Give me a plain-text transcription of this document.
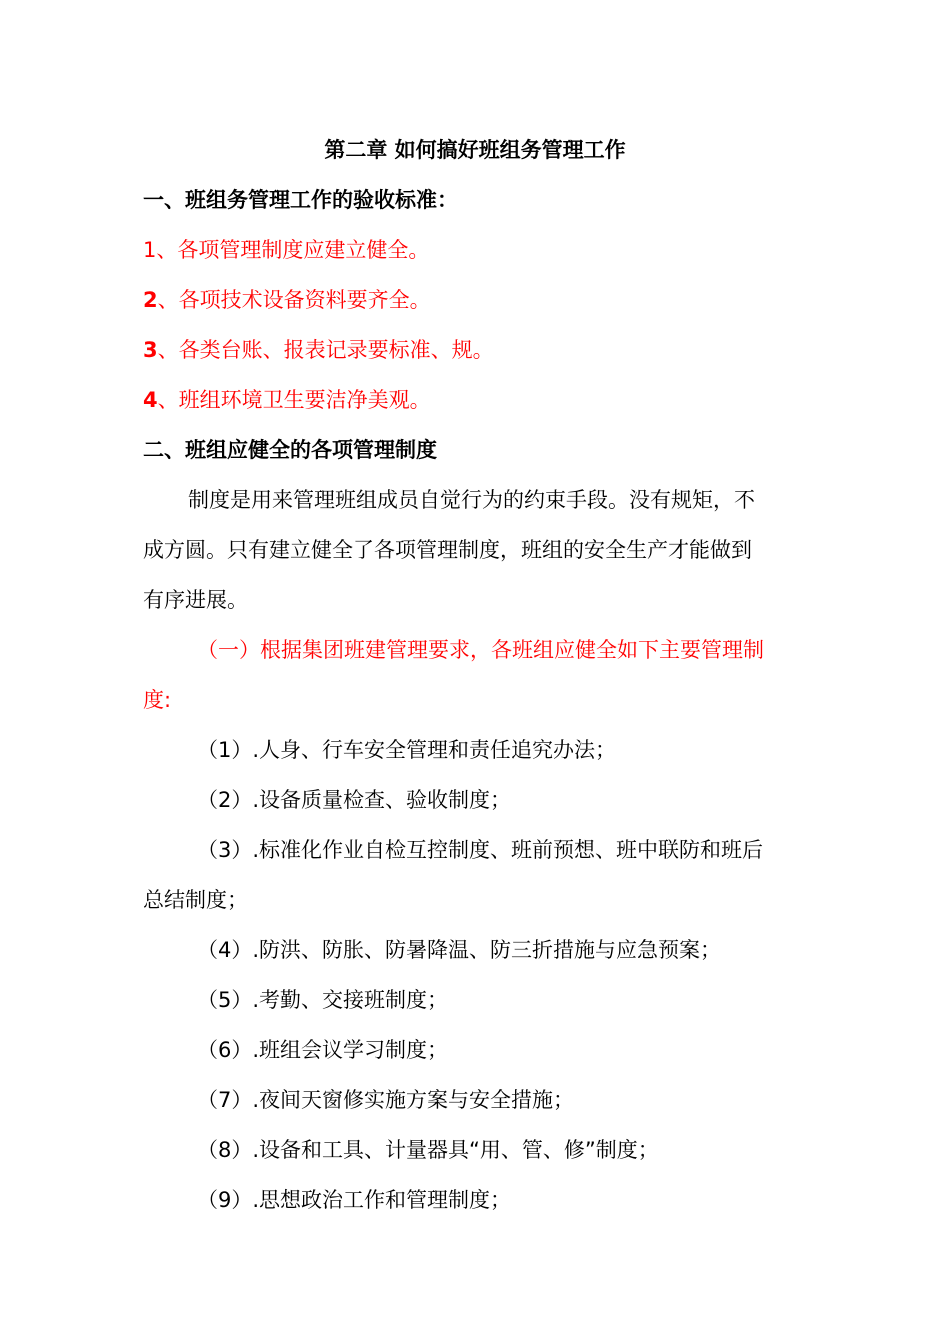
第二章 如何搞好班组务管理工作
一、班组务管理工作的验收标准：
1、各项管理制度应建立健全。
2、各项技术设备资料要齐全。
3、各类台账、报表记录要标准、规。
4、班组环境卫生要洁净美观。
二、班组应健全的各项管理制度
制度是用来管理班组成员自觉行为的约束手段。没有规矩，不
成方圆。只有建立健全了各项管理制度，班组的安全生产才能做到
有序进展。
（一）根据集团班建管理要求，各班组应健全如下主要管理制
度:
（1）.人身、行车安全管理和责任追究办法；
（2）.设备质量检查、验收制度；
（3）.标准化作业自检互控制度、班前预想、班中联防和班后
总结制度；
（4）.防洪、防胀、防暑降温、防三折措施与应急预案；
（5）.考勤、交接班制度；
（6）.班组会议学习制度；
（7）.夜间天窗修实施方案与安全措施；
（8）.设备和工具、计量器具“用、管、修”制度；
（9）.思想政治工作和管理制度；
